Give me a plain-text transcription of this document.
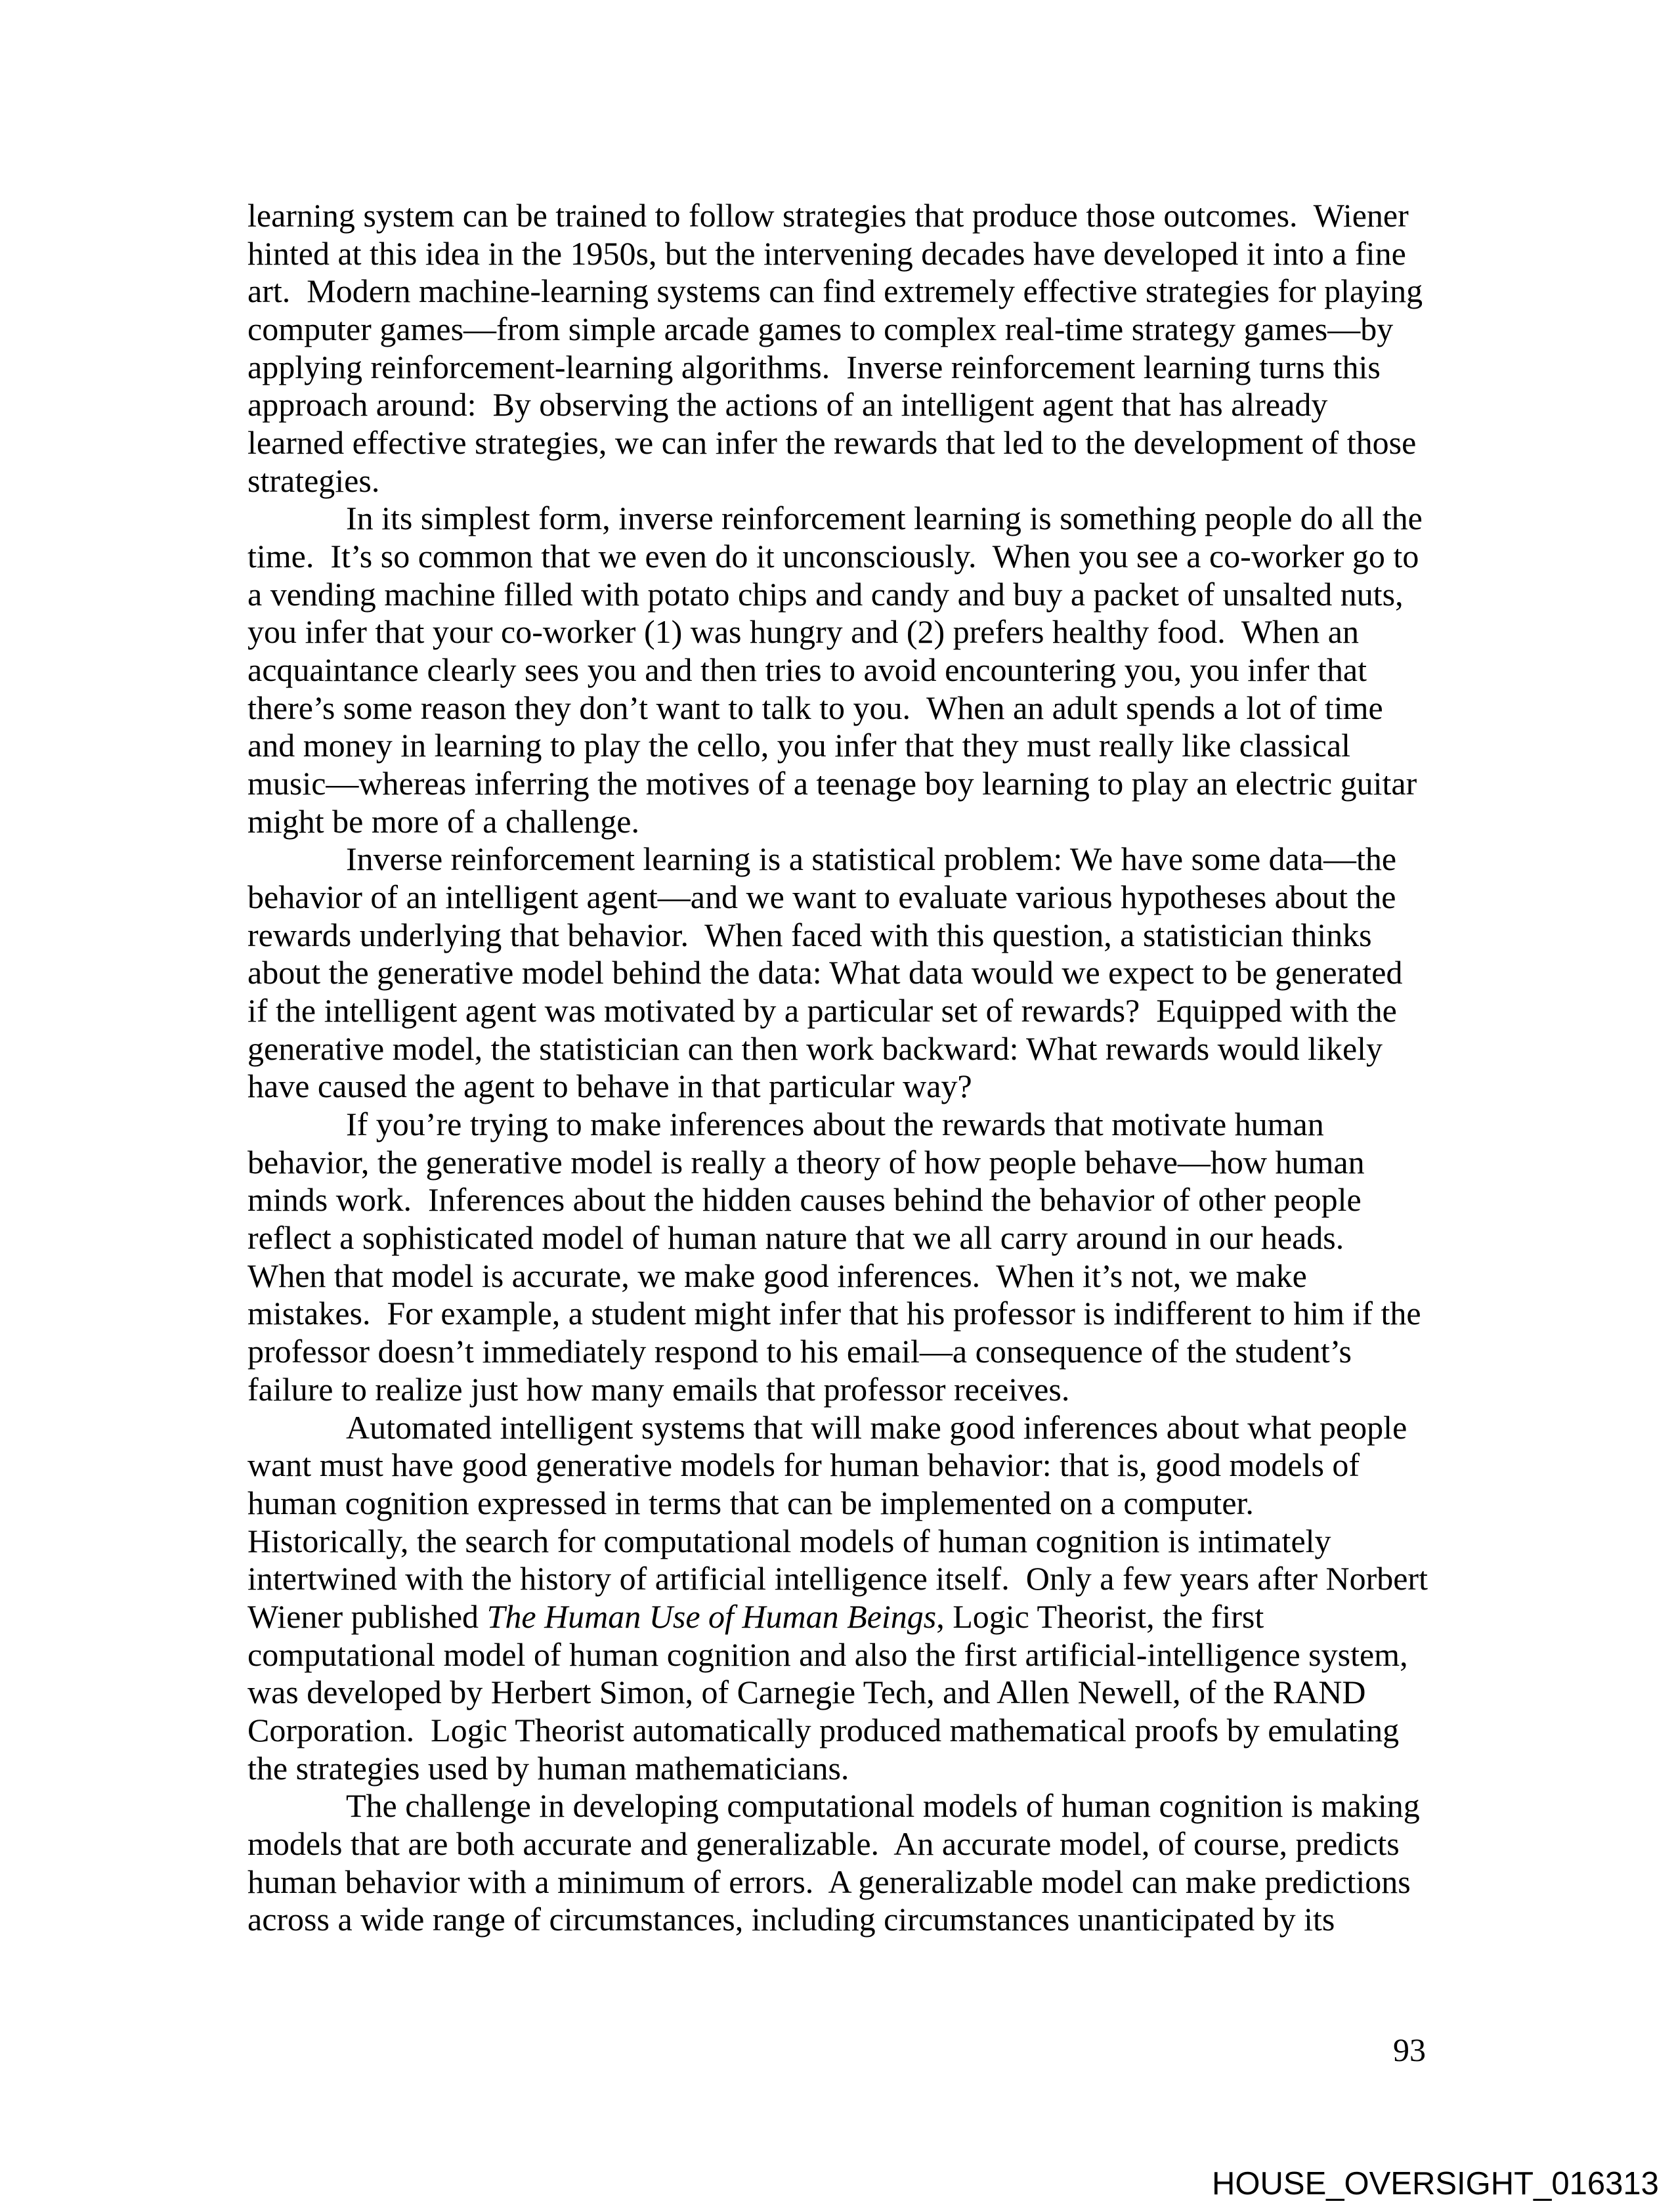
learning system can be trained to follow strategies that produce those outcomes.  Wiener
hinted at this idea in the 1950s, but the intervening decades have developed it into a fine
art.  Modern machine-learning systems can find extremely effective strategies for playing
computer games—from simple arcade games to complex real-time strategy games—by
applying reinforcement-learning algorithms.  Inverse reinforcement learning turns this
approach around:  By observing the actions of an intelligent agent that has already
learned effective strategies, we can infer the rewards that led to the development of those
strategies.
In its simplest form, inverse reinforcement learning is something people do all the
time.  It’s so common that we even do it unconsciously.  When you see a co-worker go to
a vending machine filled with potato chips and candy and buy a packet of unsalted nuts,
you infer that your co-worker (1) was hungry and (2) prefers healthy food.  When an
acquaintance clearly sees you and then tries to avoid encountering you, you infer that
there’s some reason they don’t want to talk to you.  When an adult spends a lot of time
and money in learning to play the cello, you infer that they must really like classical
music—whereas inferring the motives of a teenage boy learning to play an electric guitar
might be more of a challenge.
Inverse reinforcement learning is a statistical problem: We have some data—the
behavior of an intelligent agent—and we want to evaluate various hypotheses about the
rewards underlying that behavior.  When faced with this question, a statistician thinks
about the generative model behind the data: What data would we expect to be generated
if the intelligent agent was motivated by a particular set of rewards?  Equipped with the
generative model, the statistician can then work backward: What rewards would likely
have caused the agent to behave in that particular way?
If you’re trying to make inferences about the rewards that motivate human
behavior, the generative model is really a theory of how people behave—how human
minds work.  Inferences about the hidden causes behind the behavior of other people
reflect a sophisticated model of human nature that we all carry around in our heads.
When that model is accurate, we make good inferences.  When it’s not, we make
mistakes.  For example, a student might infer that his professor is indifferent to him if the
professor doesn’t immediately respond to his email—a consequence of the student’s
failure to realize just how many emails that professor receives.
Automated intelligent systems that will make good inferences about what people
want must have good generative models for human behavior: that is, good models of
human cognition expressed in terms that can be implemented on a computer.
Historically, the search for computational models of human cognition is intimately
intertwined with the history of artificial intelligence itself.  Only a few years after Norbert
Wiener published The Human Use of Human Beings, Logic Theorist, the first
computational model of human cognition and also the first artificial-intelligence system,
was developed by Herbert Simon, of Carnegie Tech, and Allen Newell, of the RAND
Corporation.  Logic Theorist automatically produced mathematical proofs by emulating
the strategies used by human mathematicians.
The challenge in developing computational models of human cognition is making
models that are both accurate and generalizable.  An accurate model, of course, predicts
human behavior with a minimum of errors.  A generalizable model can make predictions
across a wide range of circumstances, including circumstances unanticipated by its
93
HOUSE_OVERSIGHT_016313
